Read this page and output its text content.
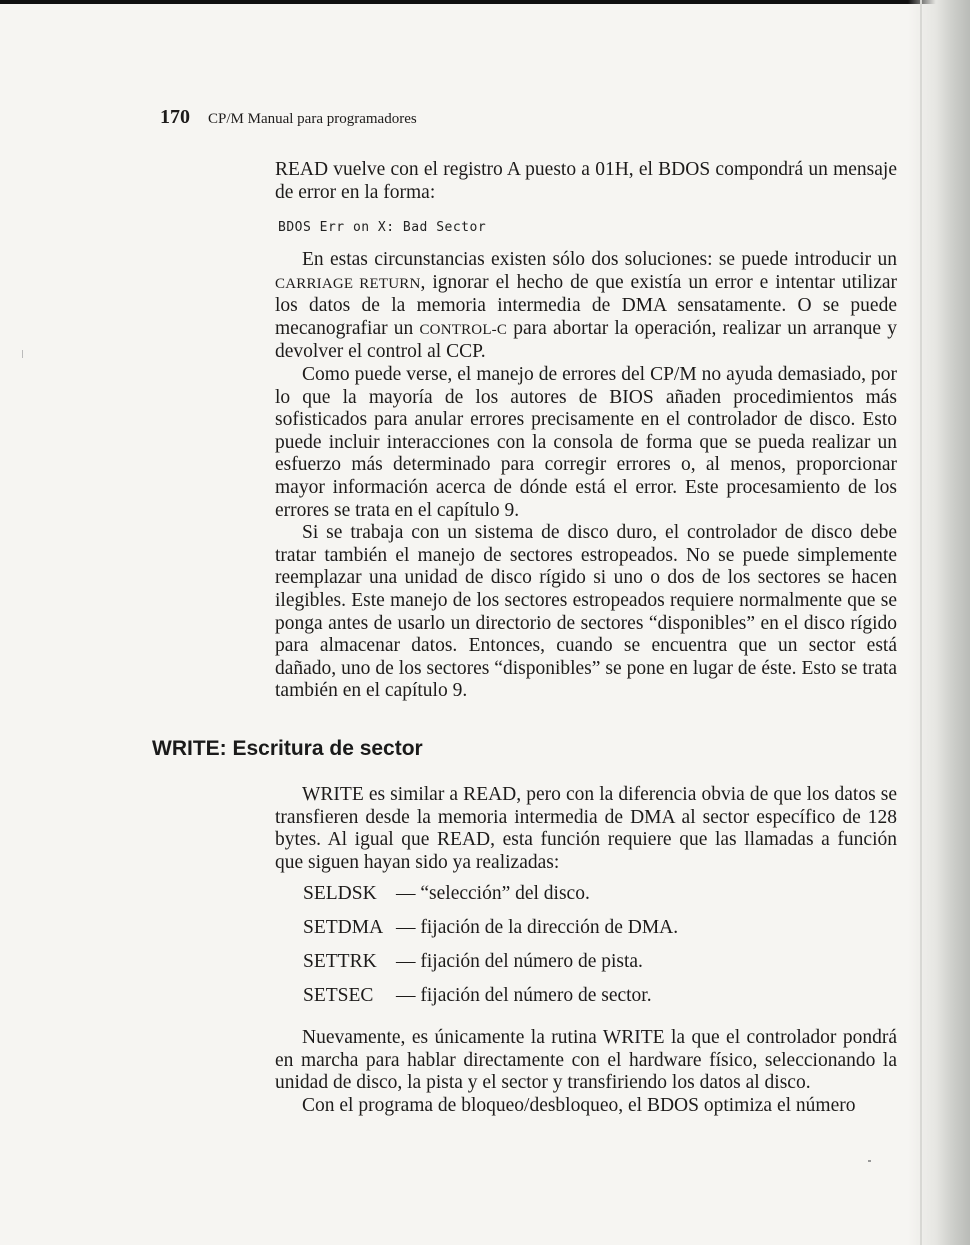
170 CP/M Manual para programadores

READ vuelve con el registro A puesto a 01H, el BDOS compondrá un mensaje de error en la forma:

BDOS Err on X: Bad Sector

En estas circunstancias existen sólo dos soluciones: se puede introducir un CARRIAGE RETURN, ignorar el hecho de que existía un error e intentar utilizar los datos de la memoria intermedia de DMA sensatamente. O se puede mecanografiar un CONTROL-C para abortar la operación, realizar un arranque y devolver el control al CCP.

Como puede verse, el manejo de errores del CP/M no ayuda demasiado, por lo que la mayoría de los autores de BIOS añaden procedimientos más sofisticados para anular errores precisamente en el controlador de disco. Esto puede incluir interacciones con la consola de forma que se pueda realizar un esfuerzo más determinado para corregir errores o, al menos, proporcionar mayor información acerca de dónde está el error. Este procesamiento de los errores se trata en el capítulo 9.

Si se trabaja con un sistema de disco duro, el controlador de disco debe tratar también el manejo de sectores estropeados. No se puede simplemente reemplazar una unidad de disco rígido si uno o dos de los sectores se hacen ilegibles. Este manejo de los sectores estropeados requiere normalmente que se ponga antes de usarlo un directorio de sectores “disponibles” en el disco rígido para almacenar datos. Entonces, cuando se encuentra que un sector está dañado, uno de los sectores “disponibles” se pone en lugar de éste. Esto se trata también en el capítulo 9.

WRITE: Escritura de sector

WRITE es similar a READ, pero con la diferencia obvia de que los datos se transfieren desde la memoria intermedia de DMA al sector específico de 128 bytes. Al igual que READ, esta función requiere que las llamadas a función que siguen hayan sido ya realizadas:

SELDSK — “selección” del disco.
SETDMA — fijación de la dirección de DMA.
SETTRK — fijación del número de pista.
SETSEC — fijación del número de sector.

Nuevamente, es únicamente la rutina WRITE la que el controlador pondrá en marcha para hablar directamente con el hardware físico, seleccionando la unidad de disco, la pista y el sector y transfiriendo los datos al disco.

Con el programa de bloqueo/desbloqueo, el BDOS optimiza el número
